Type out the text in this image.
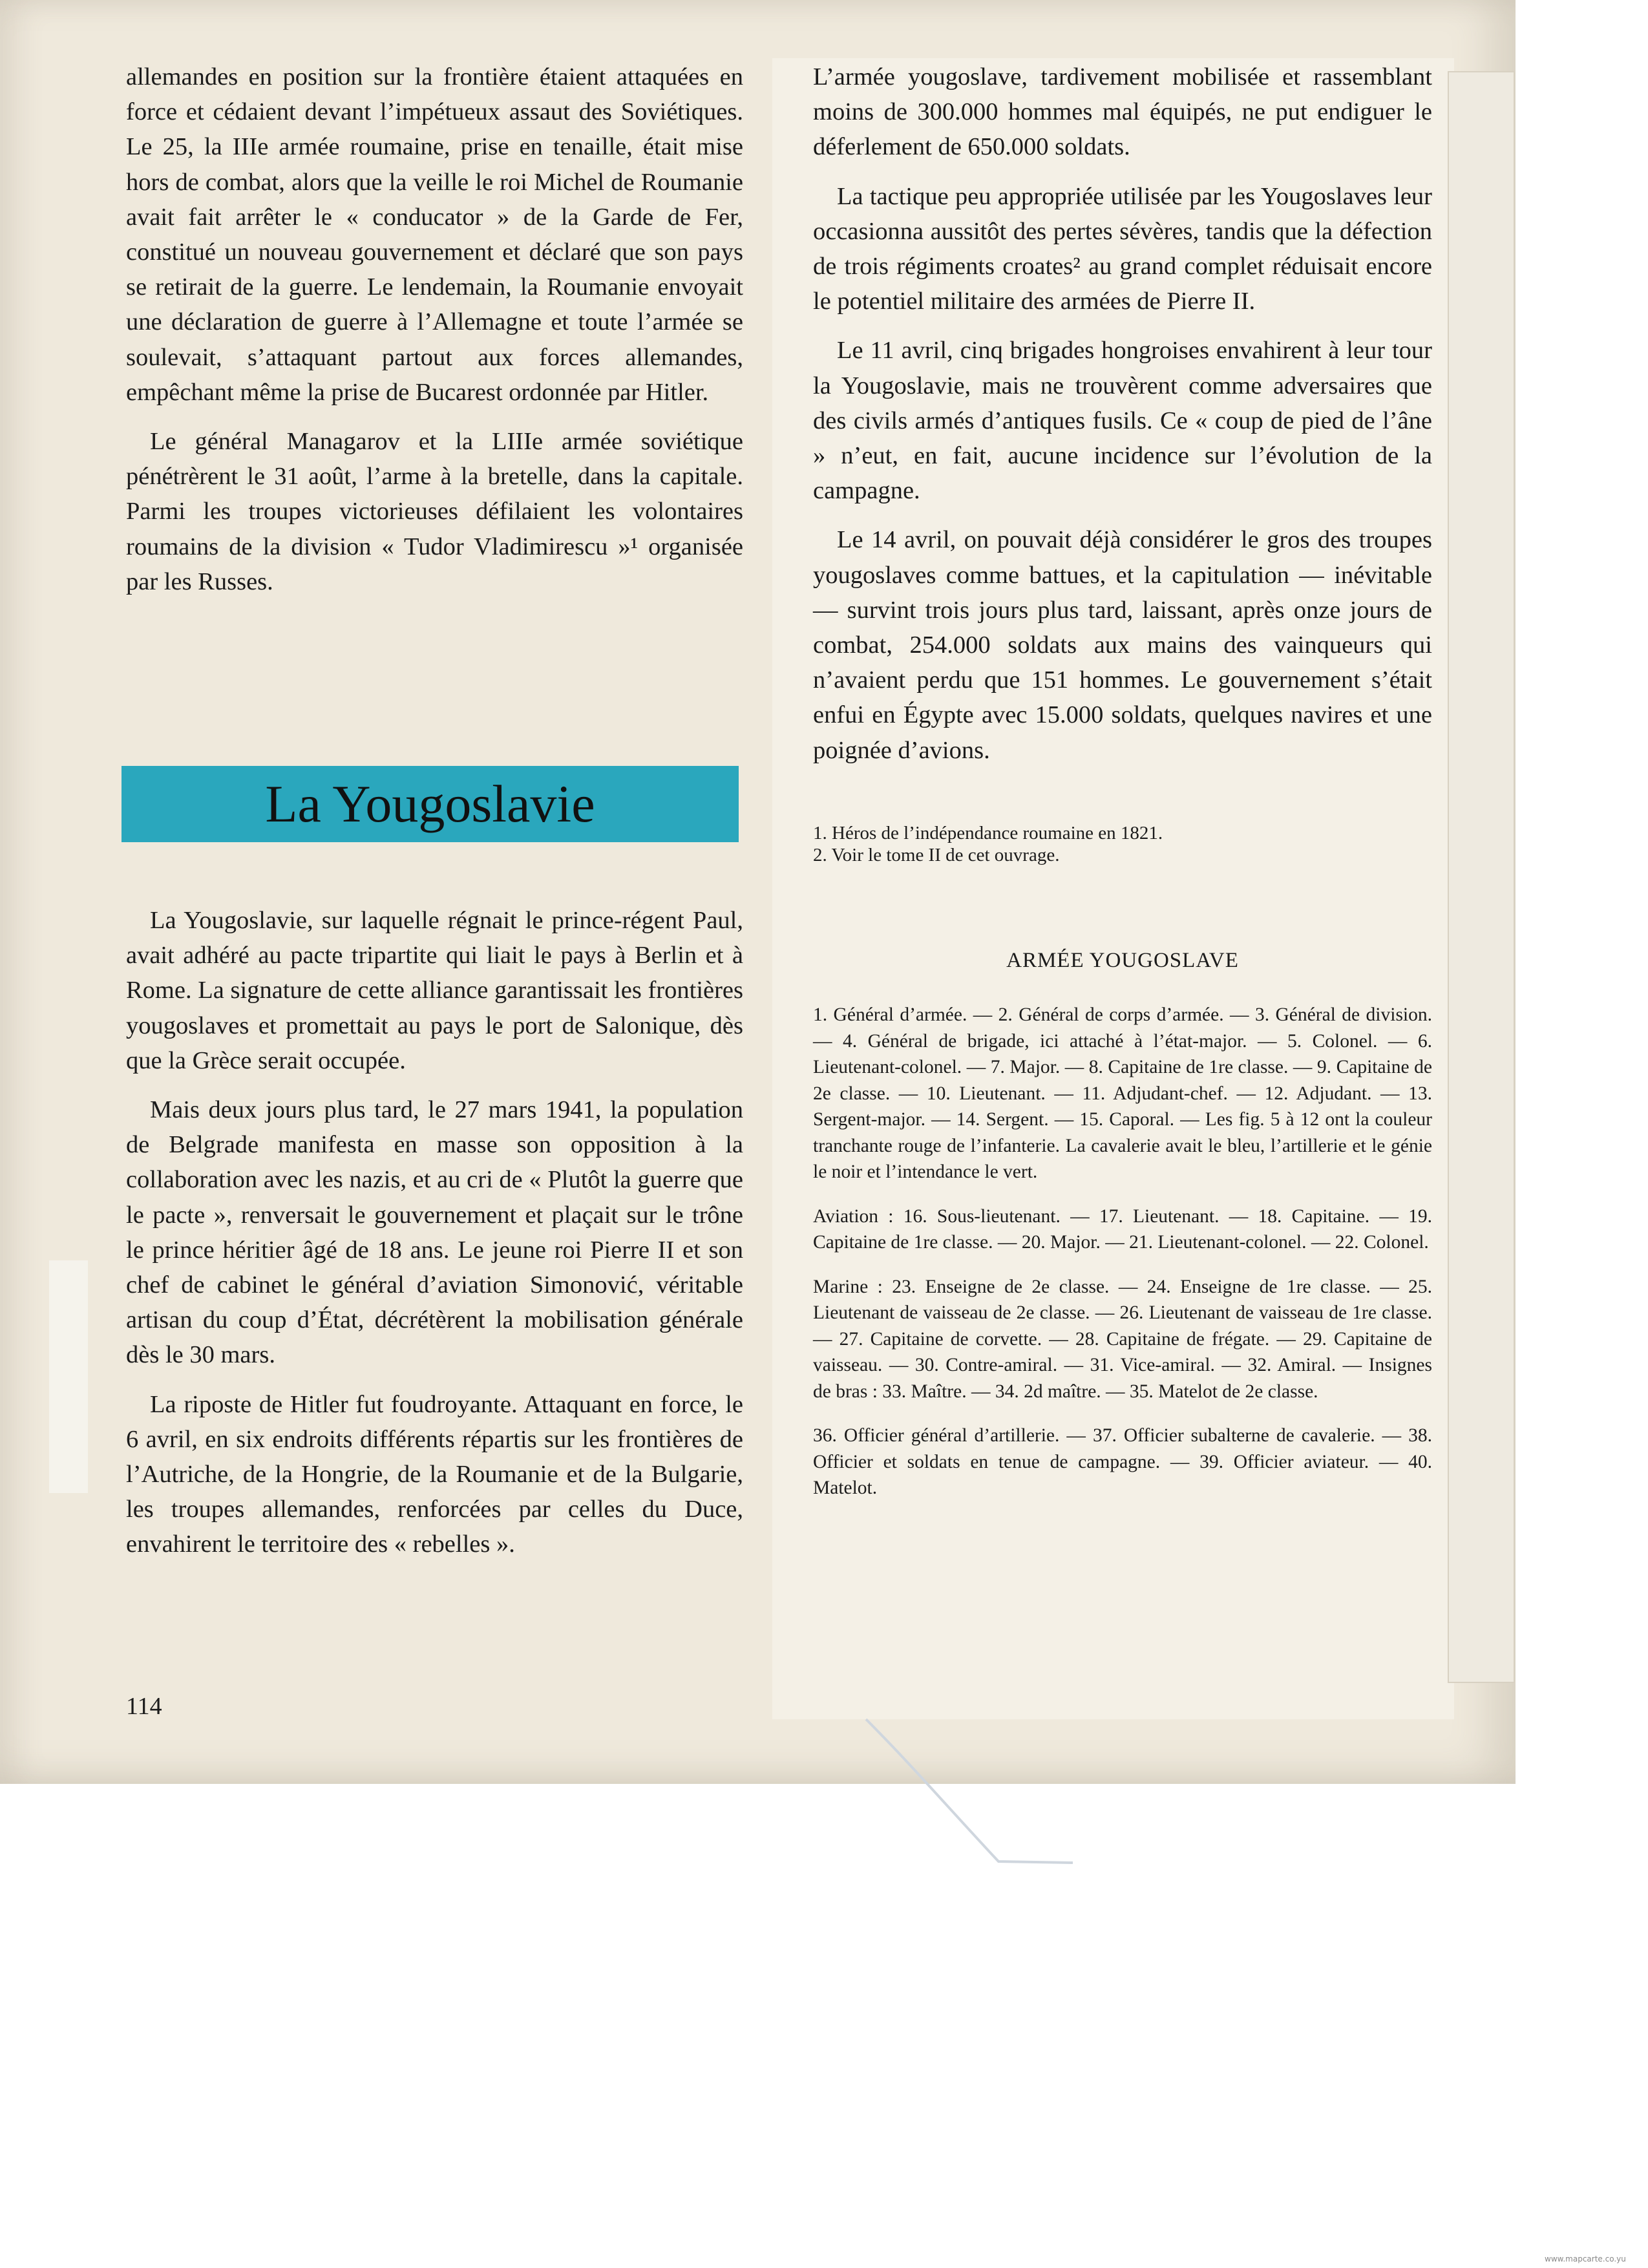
allemandes en position sur la frontière étaient attaquées en force et cédaient devant l’impétueux assaut des Soviétiques. Le 25, la IIIe armée roumaine, prise en tenaille, était mise hors de combat, alors que la veille le roi Michel de Roumanie avait fait arrêter le « conducator » de la Garde de Fer, constitué un nouveau gouvernement et déclaré que son pays se retirait de la guerre. Le lendemain, la Roumanie envoyait une déclaration de guerre à l’Allemagne et toute l’armée se soulevait, s’attaquant partout aux forces allemandes, empêchant même la prise de Bucarest ordonnée par Hitler.

Le général Managarov et la LIIIe armée soviétique pénétrèrent le 31 août, l’arme à la bretelle, dans la capitale. Parmi les troupes victorieuses défilaient les volontaires roumains de la division « Tudor Vladimirescu »¹ organisée par les Russes.

La Yougoslavie

La Yougoslavie, sur laquelle régnait le prince-régent Paul, avait adhéré au pacte tripartite qui liait le pays à Berlin et à Rome. La signature de cette alliance garantissait les frontières yougoslaves et promettait au pays le port de Salonique, dès que la Grèce serait occupée.

Mais deux jours plus tard, le 27 mars 1941, la population de Belgrade manifesta en masse son opposition à la collaboration avec les nazis, et au cri de « Plutôt la guerre que le pacte », renversait le gouvernement et plaçait sur le trône le prince héritier âgé de 18 ans. Le jeune roi Pierre II et son chef de cabinet le général d’aviation Simonović, véritable artisan du coup d’État, décrétèrent la mobilisation générale dès le 30 mars.

La riposte de Hitler fut foudroyante. Attaquant en force, le 6 avril, en six endroits différents répartis sur les frontières de l’Autriche, de la Hongrie, de la Roumanie et de la Bulgarie, les troupes allemandes, renforcées par celles du Duce, envahirent le territoire des « rebelles ».

L’armée yougoslave, tardivement mobilisée et rassemblant moins de 300.000 hommes mal équipés, ne put endiguer le déferlement de 650.000 soldats.

La tactique peu appropriée utilisée par les Yougoslaves leur occasionna aussitôt des pertes sévères, tandis que la défection de trois régiments croates² au grand complet réduisait encore le potentiel militaire des armées de Pierre II.

Le 11 avril, cinq brigades hongroises envahirent à leur tour la Yougoslavie, mais ne trouvèrent comme adversaires que des civils armés d’antiques fusils. Ce « coup de pied de l’âne » n’eut, en fait, aucune incidence sur l’évolution de la campagne.

Le 14 avril, on pouvait déjà considérer le gros des troupes yougoslaves comme battues, et la capitulation — inévitable — survint trois jours plus tard, laissant, après onze jours de combat, 254.000 soldats aux mains des vainqueurs qui n’avaient perdu que 151 hommes. Le gouvernement s’était enfui en Égypte avec 15.000 soldats, quelques navires et une poignée d’avions.

1. Héros de l’indépendance roumaine en 1821.
2. Voir le tome II de cet ouvrage.
ARMÉE YOUGOSLAVE

1. Général d’armée. — 2. Général de corps d’armée. — 3. Général de division. — 4. Général de brigade, ici attaché à l’état-major. — 5. Colonel. — 6. Lieutenant-colonel. — 7. Major. — 8. Capitaine de 1re classe. — 9. Capitaine de 2e classe. — 10. Lieutenant. — 11. Adjudant-chef. — 12. Adjudant. — 13. Sergent-major. — 14. Sergent. — 15. Caporal. — Les fig. 5 à 12 ont la couleur tranchante rouge de l’infanterie. La cavalerie avait le bleu, l’artillerie et le génie le noir et l’intendance le vert.

Aviation : 16. Sous-lieutenant. — 17. Lieutenant. — 18. Capitaine. — 19. Capitaine de 1re classe. — 20. Major. — 21. Lieutenant-colonel. — 22. Colonel.

Marine : 23. Enseigne de 2e classe. — 24. Enseigne de 1re classe. — 25. Lieutenant de vaisseau de 2e classe. — 26. Lieutenant de vaisseau de 1re classe. — 27. Capitaine de corvette. — 28. Capitaine de frégate. — 29. Capitaine de vaisseau. — 30. Contre-amiral. — 31. Vice-amiral. — 32. Amiral. — Insignes de bras : 33. Maître. — 34. 2d maître. — 35. Matelot de 2e classe.

36. Officier général d’artillerie. — 37. Officier subalterne de cavalerie. — 38. Officier et soldats en tenue de campagne. — 39. Officier aviateur. — 40. Matelot.

114
www.mapcarte.co.yu
